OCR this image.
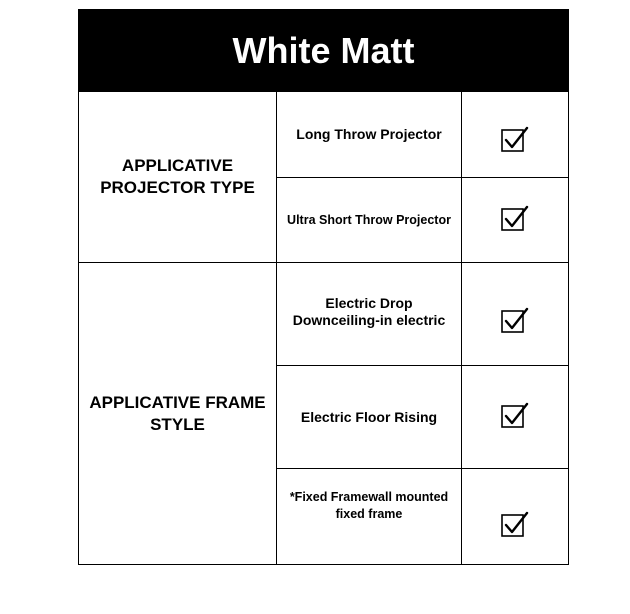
White Matt		
APPLICATIVE PROJECTOR TYPE	Long Throw Projector	

	Ultra Short Throw Projector	

APPLICATIVE FRAME STYLE	Electric Drop
Downceiling-in electric	

	Electric Floor Rising	

	*Fixed Framewall mounted
fixed frame	
